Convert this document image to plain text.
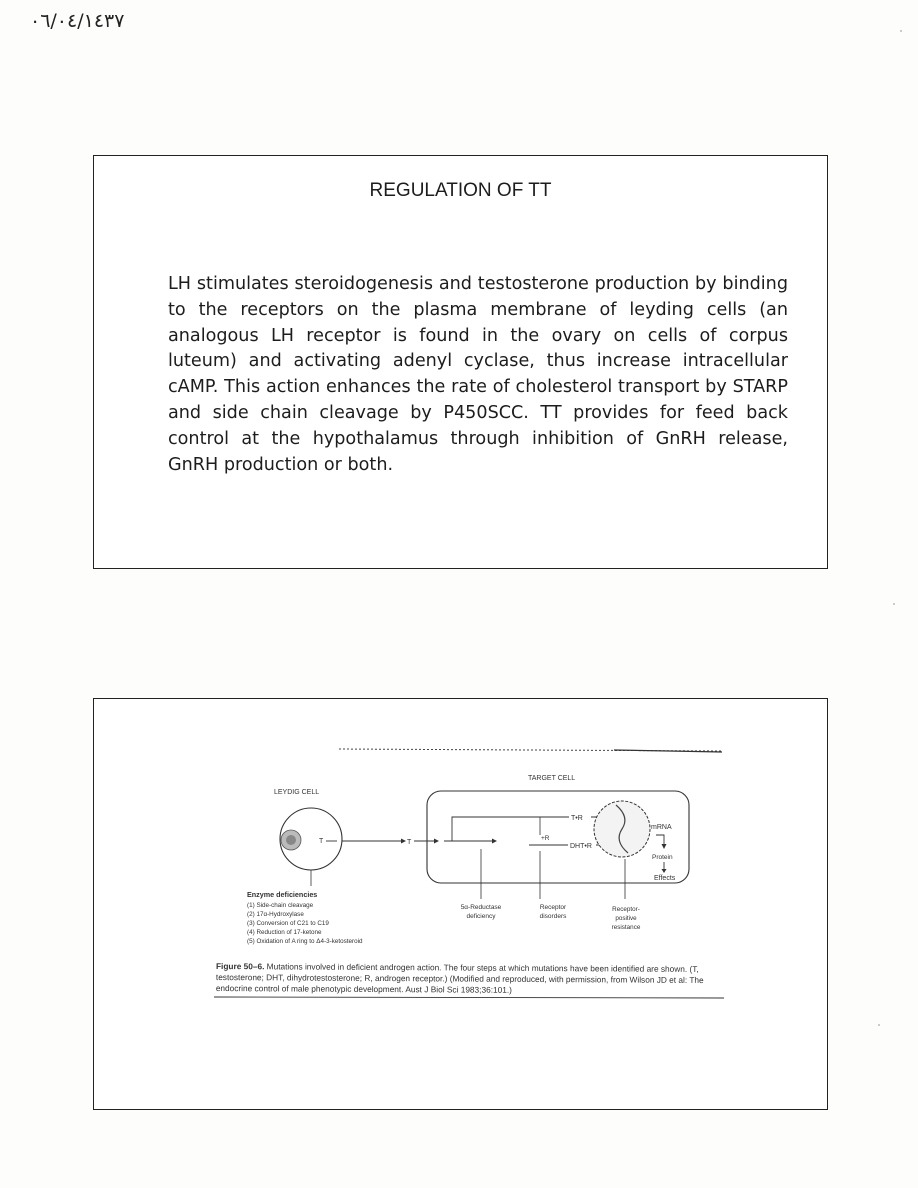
٠٦/٠٤/١٤٣٧
REGULATION OF TT
LH stimulates steroidogenesis and testosterone production by binding to the receptors on the plasma membrane of leyding cells (an analogous LH receptor is found in the ovary on cells of corpus luteum) and activating adenyl cyclase, thus increase intracellular cAMP. This action enhances the rate of cholesterol transport by STARP and side chain cleavage by P450SCC. TT provides for feed back control at the hypothalamus through inhibition of GnRH release, GnRH production or both.
LEYDIG CELL
TARGET CELL
T	T
T•R
+R
DHT•R
mRNA
Protein
Effects
Enzyme deficiencies
(1) Side-chain cleavage
(2) 17α-Hydroxylase
(3) Conversion of C21 to C19
(4) Reduction of 17-ketone
(5) Oxidation of A ring to Δ4-3-ketosteroid
5α-Reductase
deficiency
Receptor
disorders
Receptor-
positive
resistance
Figure 50–6. Mutations involved in deficient androgen action. The four steps at which mutations have been identified are shown. (T, testosterone; DHT, dihydrotestosterone; R, androgen receptor.) (Modified and reproduced, with permission, from Wilson JD et al: The endocrine control of male phenotypic development. Aust J Biol Sci 1983;36:101.)
